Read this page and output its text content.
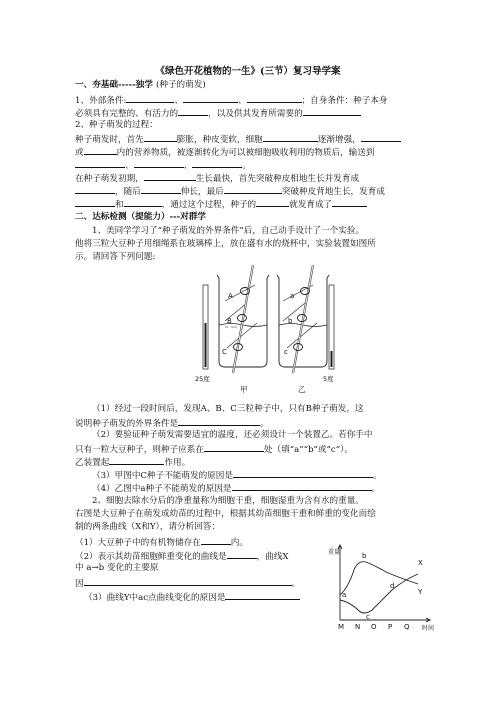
《绿色开花植物的一生》(三节）复习导学案
一、夯基础-----独学 (种子的萌发)
1、外部条件:	、	、	；自身条件：种子本身
必须具有完整的、有活力的	，以及供其发育所需要的
2、种子萌发的过程：
种子萌发时，首先	膨胀，种皮变软，细胞	逐渐增强，
或	内的营养物质，被逐渐转化为可以被细胞吸收利用的物质后，输送到
、	、	。
在种子萌发初期，	生长最快，首先突破种皮相地生长并发育成
，随后	伸长，最后	突破种皮背地生长，发育成
和	，通过这个过程，种子的	就发育成了
二、达标检测（提能力）---对群学
1、美同学学习了“种子萌发的外界条件”后，自己动手设计了一个实验。
他将三粒大豆种子用细绳系在玻璃棒上，放在盛有水的烧杯中，实验装置如图所
示。请回答下列问题:
A
B
C
a
b
c
25度	5度
甲	乙
（1）经过一段时间后，发现A、B、C三粒种子中，只有B种子萌发，这
说明种子萌发的外界条件是	。
（2）要验证种子萌发需要适宜的温度，还必须设计一个装置乙。若你手中
只有一粒大豆种子，则种子应系在	处（填“a”“b”或“c”）。
乙装置起	作用。
（3）甲图中C种子不能萌发的原因是	。
（4）乙图中a种子不能萌发的原因是	。
2、细胞去除水分后的净重量称为细胞干重，细胞湿重为含有水的重量。
右图是大豆种子在萌发成幼苗的过程中，根据其幼苗细胞干重和鲜重的变化而绘
制的两条曲线（X和Y），请分析回答：
（1）大豆种子中的有机物储存在	内。
（2）表示其幼苗细胞鲜重变化的曲线是	，曲线X
中 a→b 变化的主要原
因	。
（3）曲线Y中ac点曲线变化的原因是
重量
时间
M N O P Q
a
b
c
d
X
Y
